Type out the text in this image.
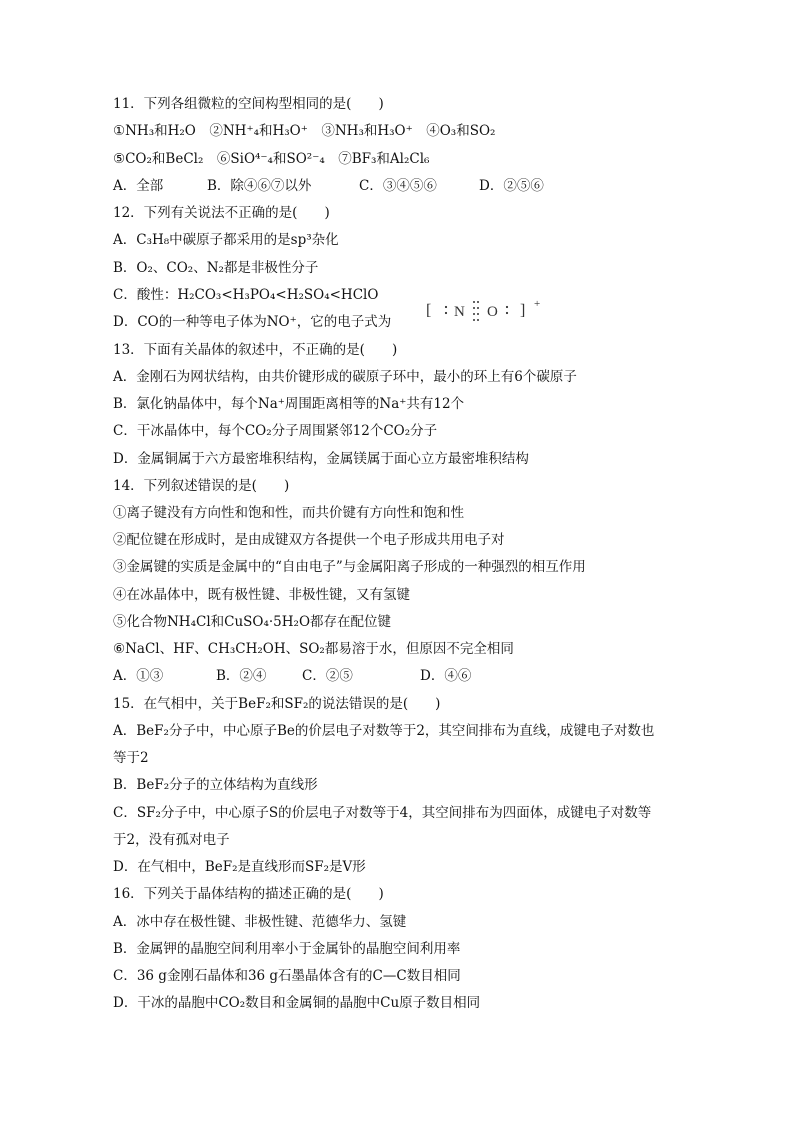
11．下列各组微粒的空间构型相同的是(　　)
①NH₃和H₂O　②NH⁺₄和H₃O⁺　③NH₃和H₃O⁺　④O₃和SO₂
⑤CO₂和BeCl₂　⑥SiO⁴⁻₄和SO²⁻₄　⑦BF₃和Al₂Cl₆
A．全部	B．除④⑥⑦以外	C．③④⑤⑥	D．②⑤⑥
12．下列有关说法不正确的是(　　)
A．C₃H₈中碳原子都采用的是sp³杂化
B．O₂、CO₂、N₂都是非极性分子
C．酸性：H₂CO₃<H₃PO₄<H₂SO₄<HClO
D．CO的一种等电子体为NO⁺，它的电子式为
[ N O ] +
13．下面有关晶体的叙述中，不正确的是(　　)
A．金刚石为网状结构，由共价键形成的碳原子环中，最小的环上有6个碳原子
B．氯化钠晶体中，每个Na⁺周围距离相等的Na⁺共有12个
C．干冰晶体中，每个CO₂分子周围紧邻12个CO₂分子
D．金属铜属于六方最密堆积结构，金属镁属于面心立方最密堆积结构
14．下列叙述错误的是(　　)
①离子键没有方向性和饱和性，而共价键有方向性和饱和性
②配位键在形成时，是由成键双方各提供一个电子形成共用电子对
③金属键的实质是金属中的“自由电子”与金属阳离子形成的一种强烈的相互作用
④在冰晶体中，既有极性键、非极性键，又有氢键
⑤化合物NH₄Cl和CuSO₄·5H₂O都存在配位键
⑥NaCl、HF、CH₃CH₂OH、SO₂都易溶于水，但原因不完全相同
A．①③	B．②④	C．②⑤	D．④⑥
15．在气相中，关于BeF₂和SF₂的说法错误的是(　　)
A．BeF₂分子中，中心原子Be的价层电子对数等于2，其空间排布为直线，成键电子对数也
等于2
B．BeF₂分子的立体结构为直线形
C．SF₂分子中，中心原子S的价层电子对数等于4，其空间排布为四面体，成键电子对数等
于2，没有孤对电子
D．在气相中，BeF₂是直线形而SF₂是V形
16．下列关于晶体结构的描述正确的是(　　)
A．冰中存在极性键、非极性键、范德华力、氢键
B．金属钾的晶胞空间利用率小于金属钋的晶胞空间利用率
C．36 g金刚石晶体和36 g石墨晶体含有的C—C数目相同
D．干冰的晶胞中CO₂数目和金属铜的晶胞中Cu原子数目相同
